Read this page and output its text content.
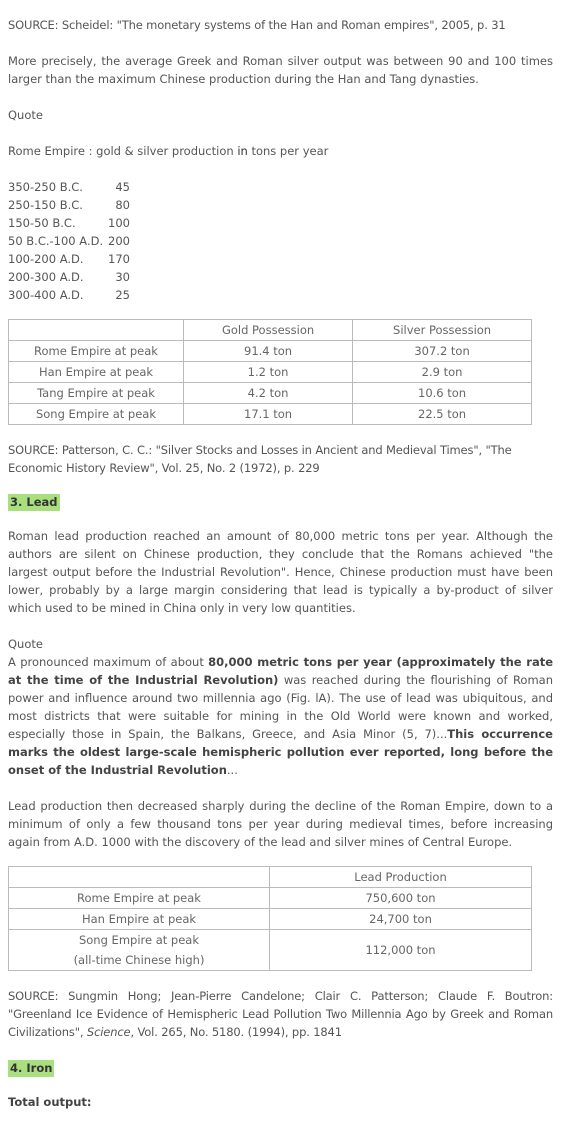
SOURCE: Scheidel: "The monetary systems of the Han and Roman empires", 2005, p. 31

More precisely, the average Greek and Roman silver output was between 90 and 100 times larger than the maximum Chinese production during the Han and Tang dynasties.

Quote

Rome Empire : gold & silver production in tons per year

350-250 B.C.	45
250-150 B.C.	80
150-50 B.C.	100
50 B.C.-100 A.D. 200
100-200 A.D.	170
200-300 A.D.	30
300-400 A.D.	25
	Gold Possession	Silver Possession
Rome Empire at peak	91.4 ton	307.2 ton
Han Empire at peak	1.2 ton	2.9 ton
Tang Empire at peak	4.2 ton	10.6 ton
Song Empire at peak	17.1 ton	22.5 ton

SOURCE: Patterson, C. C.: "Silver Stocks and Losses in Ancient and Medieval Times", "The Economic History Review", Vol. 25, No. 2 (1972), p. 229

3. Lead

Roman lead production reached an amount of 80,000 metric tons per year. Although the authors are silent on Chinese production, they conclude that the Romans achieved "the largest output before the Industrial Revolution". Hence, Chinese production must have been lower, probably by a large margin considering that lead is typically a by-product of silver which used to be mined in China only in very low quantities.

Quote

A pronounced maximum of about 80,000 metric tons per year (approximately the rate at the time of the Industrial Revolution) was reached during the flourishing of Roman power and influence around two millennia ago (Fig. lA). The use of lead was ubiquitous, and most districts that were suitable for mining in the Old World were known and worked, especially those in Spain, the Balkans, Greece, and Asia Minor (5, 7)...This occurrence marks the oldest large-scale hemispheric pollution ever reported, long before the onset of the Industrial Revolution...

Lead production then decreased sharply during the decline of the Roman Empire, down to a minimum of only a few thousand tons per year during medieval times, before increasing again from A.D. 1000 with the discovery of the lead and silver mines of Central Europe.

	Lead Production
Rome Empire at peak	750,600 ton
Han Empire at peak	24,700 ton
Song Empire at peak
(all-time Chinese high)	112,000 ton

SOURCE: Sungmin Hong; Jean-Pierre Candelone; Clair C. Patterson; Claude F. Boutron: "Greenland Ice Evidence of Hemispheric Lead Pollution Two Millennia Ago by Greek and Roman Civilizations", Science, Vol. 265, No. 5180. (1994), pp. 1841

4. Iron

Total output:
